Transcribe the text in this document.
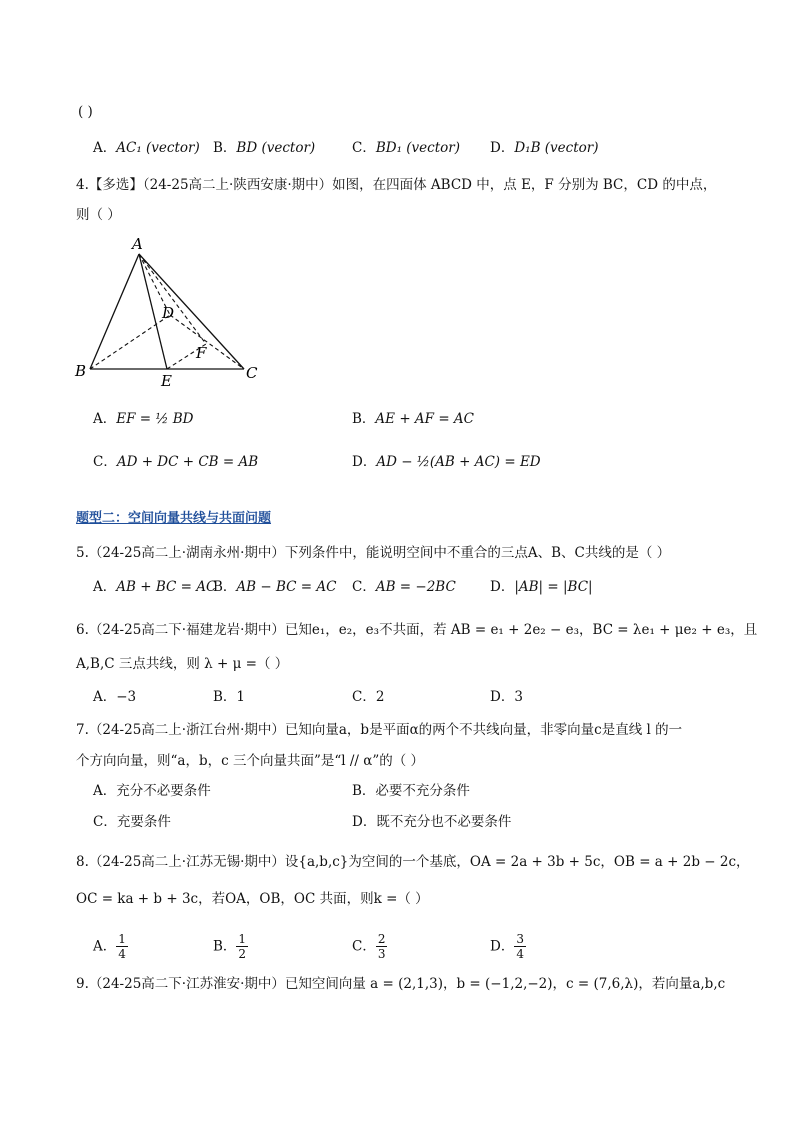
( )
A．AC₁ (vector) B．BD (vector)	C．BD₁ (vector) D．D₁B (vector)
4.【多选】（24-25高二上·陕西安康·期中）如图，在四面体 ABCD 中，点 E，F 分别为 BC，CD 的中点，
则（ ）
A
B	C
D
E
F
A．EF = ½ BD	B．AE + AF = AC
C．AD + DC + CB = AB	D．AD − ½(AB + AC) = ED
题型二：空间向量共线与共面问题
5.（24-25高二上·湖南永州·期中）下列条件中，能说明空间中不重合的三点A、B、C共线的是（ ）
A．AB + BC = AC
B．AB − BC = AC C．AB = −2BC	D．|AB| = |BC|
6.（24-25高二下·福建龙岩·期中）已知e₁，e₂，e₃不共面，若 AB = e₁ + 2e₂ − e₃，BC = λe₁ + μe₂ + e₃，且
A,B,C 三点共线，则 λ + μ =（ ）
A．−3	B．1	C．2	D．3
7.（24-25高二上·浙江台州·期中）已知向量a，b是平面α的两个不共线向量，非零向量c是直线 l 的一
个方向向量，则“a，b，c 三个向量共面”是“l // α”的（ ）
A．充分不必要条件	B．必要不充分条件
C．充要条件	D．既不充分也不必要条件
8.（24-25高二上·江苏无锡·期中）设{a,b,c}为空间的一个基底，OA = 2a + 3b + 5c，OB = a + 2b − 2c，
OC = ka + b + 3c，若OA，OB，OC 共面，则k =（ ）
A． $\frac{1}{4}$	B． $\frac{1}{2}$	C． $\frac{2}{3}$	D． $\frac{3}{4}$
9.（24-25高二下·江苏淮安·期中）已知空间向量 a = (2,1,3)，b = (−1,2,−2)，c = (7,6,λ)，若向量a,b,c
